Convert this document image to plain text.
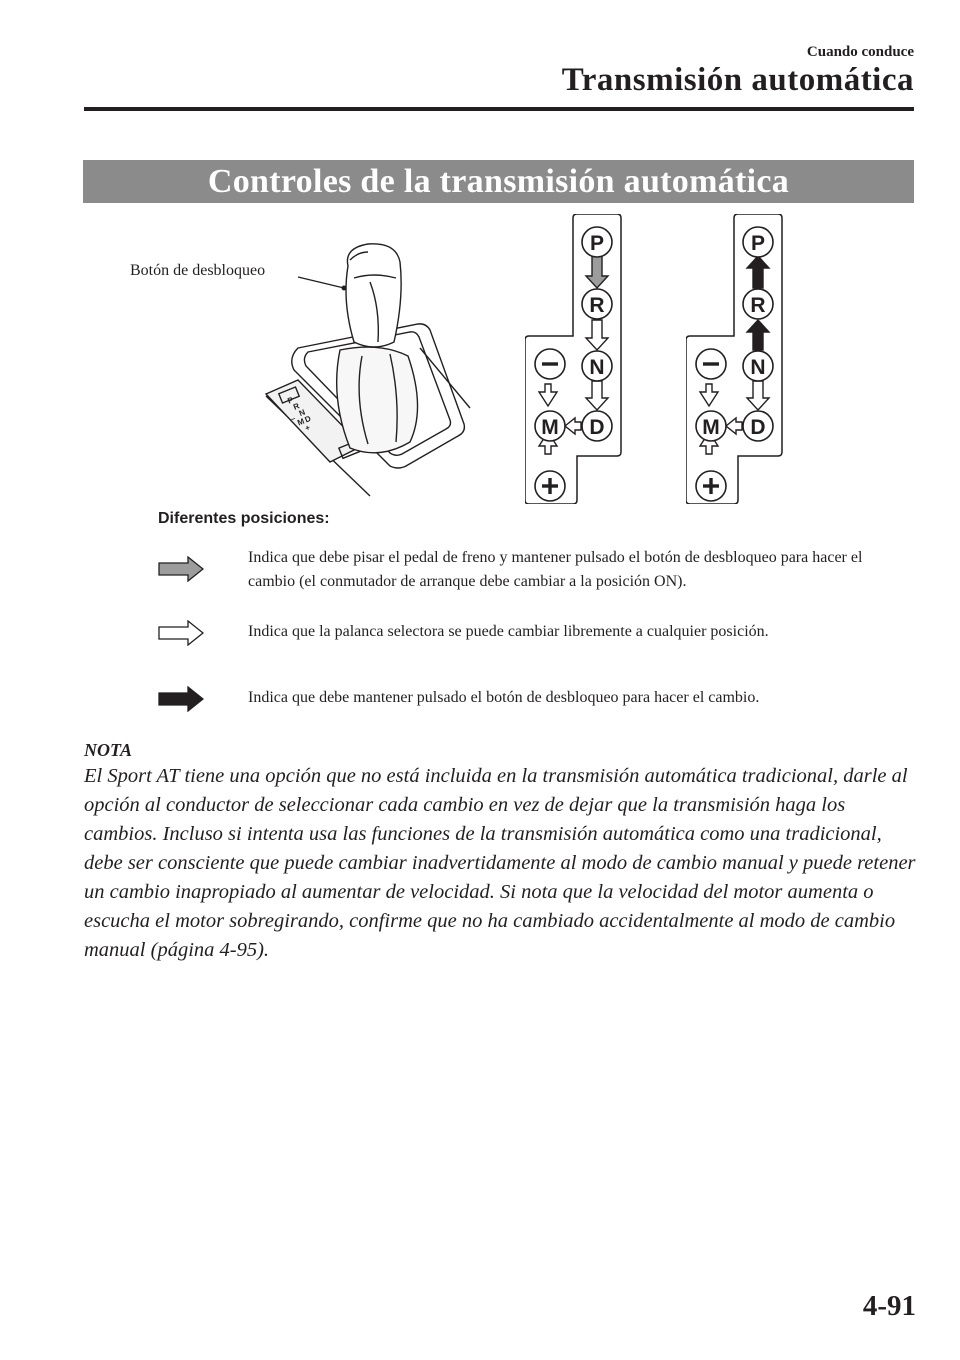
Cuando conduce
Transmisión automática
Controles de la transmisión automática
P
R
N
D
– M
+
Botón de desbloqueo
P
R
N
D
M
P
R
N
D
M
Diferentes posiciones:
Indica que debe pisar el pedal de freno y mantener pulsado el botón de desbloqueo para hacer el cambio (el conmutador de arranque debe cambiar a la posición ON).
Indica que la palanca selectora se puede cambiar libremente a cualquier posición.
Indica que debe mantener pulsado el botón de desbloqueo para hacer el cambio.
NOTA

El Sport AT tiene una opción que no está incluida en la transmisión automática tradicional, darle al opción al conductor de seleccionar cada cambio en vez de dejar que la transmisión haga los cambios. Incluso si intenta usa las funciones de la transmisión automática como una tradicional, debe ser consciente que puede cambiar inadvertidamente al modo de cambio manual y puede retener un cambio inapropiado al aumentar de velocidad. Si nota que la velocidad del motor aumenta o escucha el motor sobregirando, confirme que no ha cambiado accidentalmente al modo de cambio manual (página 4-95).

4-91
